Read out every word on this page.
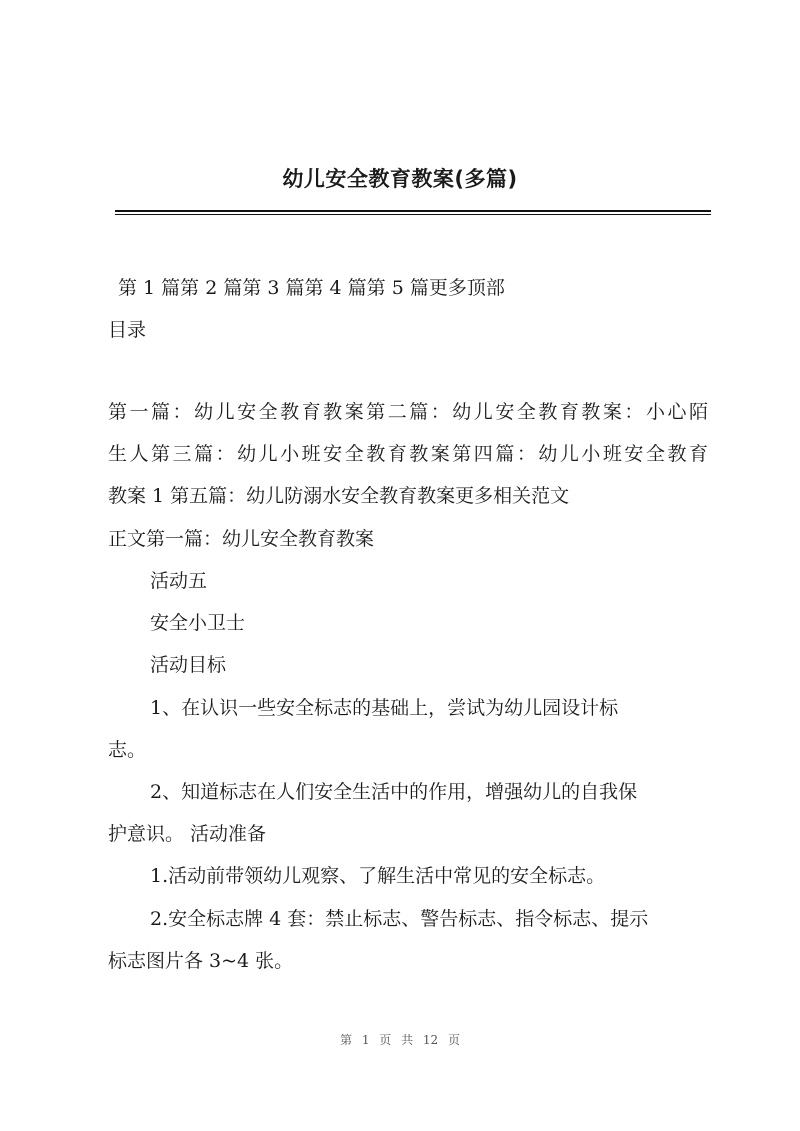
幼儿安全教育教案(多篇)
第 1 篇第 2 篇第 3 篇第 4 篇第 5 篇更多顶部
目录
第一篇：幼儿安全教育教案第二篇：幼儿安全教育教案：小心陌
生人第三篇：幼儿小班安全教育教案第四篇：幼儿小班安全教育
教案 1 第五篇：幼儿防溺水安全教育教案更多相关范文
正文第一篇：幼儿安全教育教案
活动五
安全小卫士
活动目标
1、在认识一些安全标志的基础上，尝试为幼儿园设计标
志。
2、知道标志在人们安全生活中的作用，增强幼儿的自我保
护意识。 活动准备
1.活动前带领幼儿观察、了解生活中常见的安全标志。
2.安全标志牌 4 套：禁止标志、警告标志、指令标志、提示
标志图片各 3~4 张。
第 1 页 共 12 页
